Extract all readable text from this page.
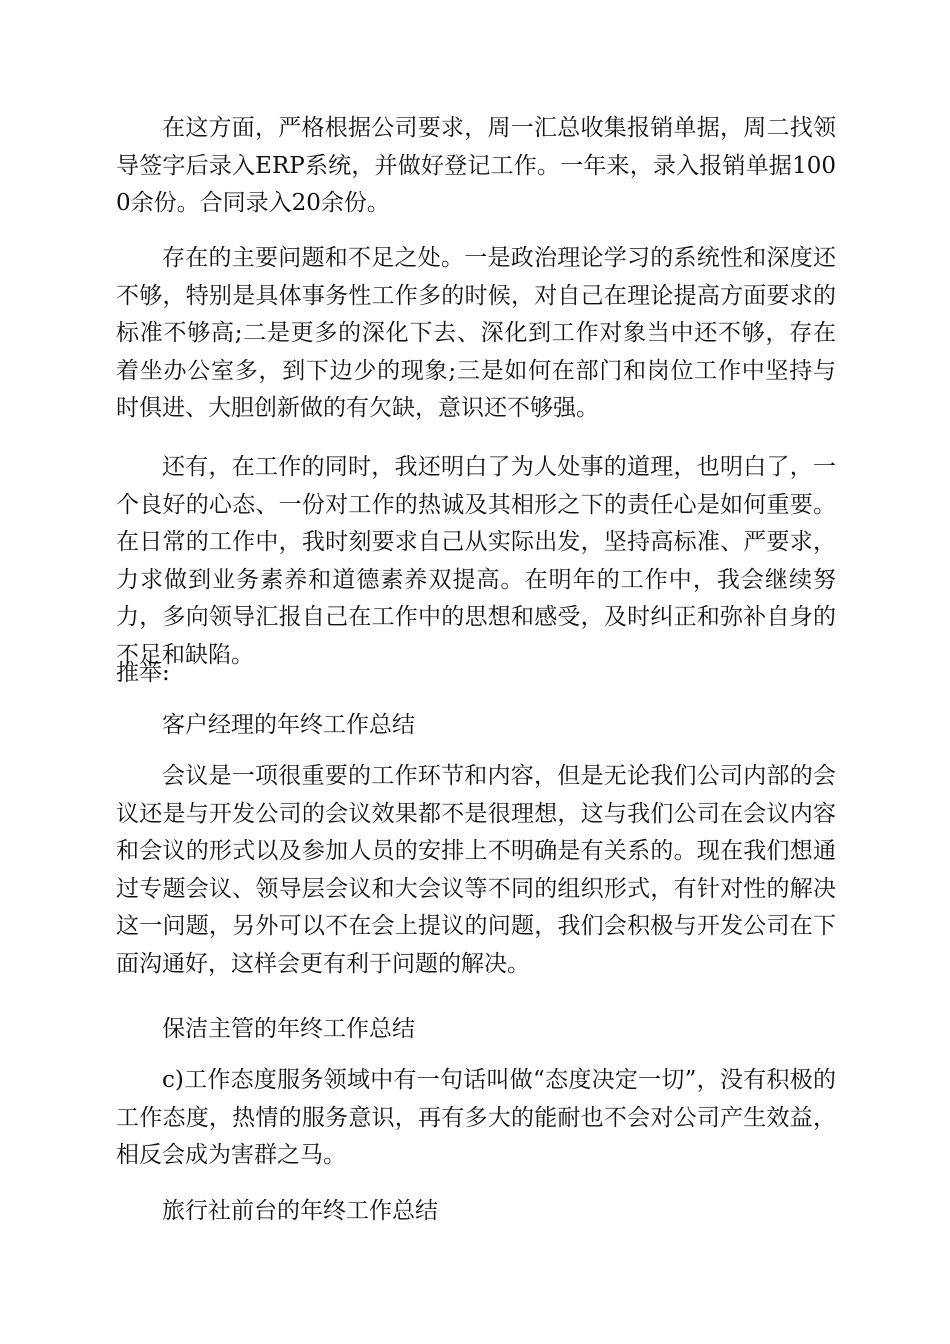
在这方面，严格根据公司要求，周一汇总收集报销单据，周二找领导签字后录入ERP系统，并做好登记工作。一年来，录入报销单据1000余份。合同录入20余份。

存在的主要问题和不足之处。一是政治理论学习的系统性和深度还不够，特别是具体事务性工作多的时候，对自己在理论提高方面要求的标准不够高;二是更多的深化下去、深化到工作对象当中还不够，存在着坐办公室多，到下边少的现象;三是如何在部门和岗位工作中坚持与时俱进、大胆创新做的有欠缺，意识还不够强。

还有，在工作的同时，我还明白了为人处事的道理，也明白了，一个良好的心态、一份对工作的热诚及其相形之下的责任心是如何重要。在日常的工作中，我时刻要求自己从实际出发，坚持高标准、严要求，力求做到业务素养和道德素养双提高。在明年的工作中，我会继续努力，多向领导汇报自己在工作中的思想和感受，及时纠正和弥补自身的不足和缺陷。

推举:

客户经理的年终工作总结

会议是一项很重要的工作环节和内容，但是无论我们公司内部的会议还是与开发公司的会议效果都不是很理想，这与我们公司在会议内容和会议的形式以及参加人员的安排上不明确是有关系的。现在我们想通过专题会议、领导层会议和大会议等不同的组织形式，有针对性的解决这一问题，另外可以不在会上提议的问题，我们会积极与开发公司在下面沟通好，这样会更有利于问题的解决。

保洁主管的年终工作总结

c)工作态度服务领域中有一句话叫做“态度决定一切”，没有积极的工作态度，热情的服务意识，再有多大的能耐也不会对公司产生效益，相反会成为害群之马。

旅行社前台的年终工作总结
